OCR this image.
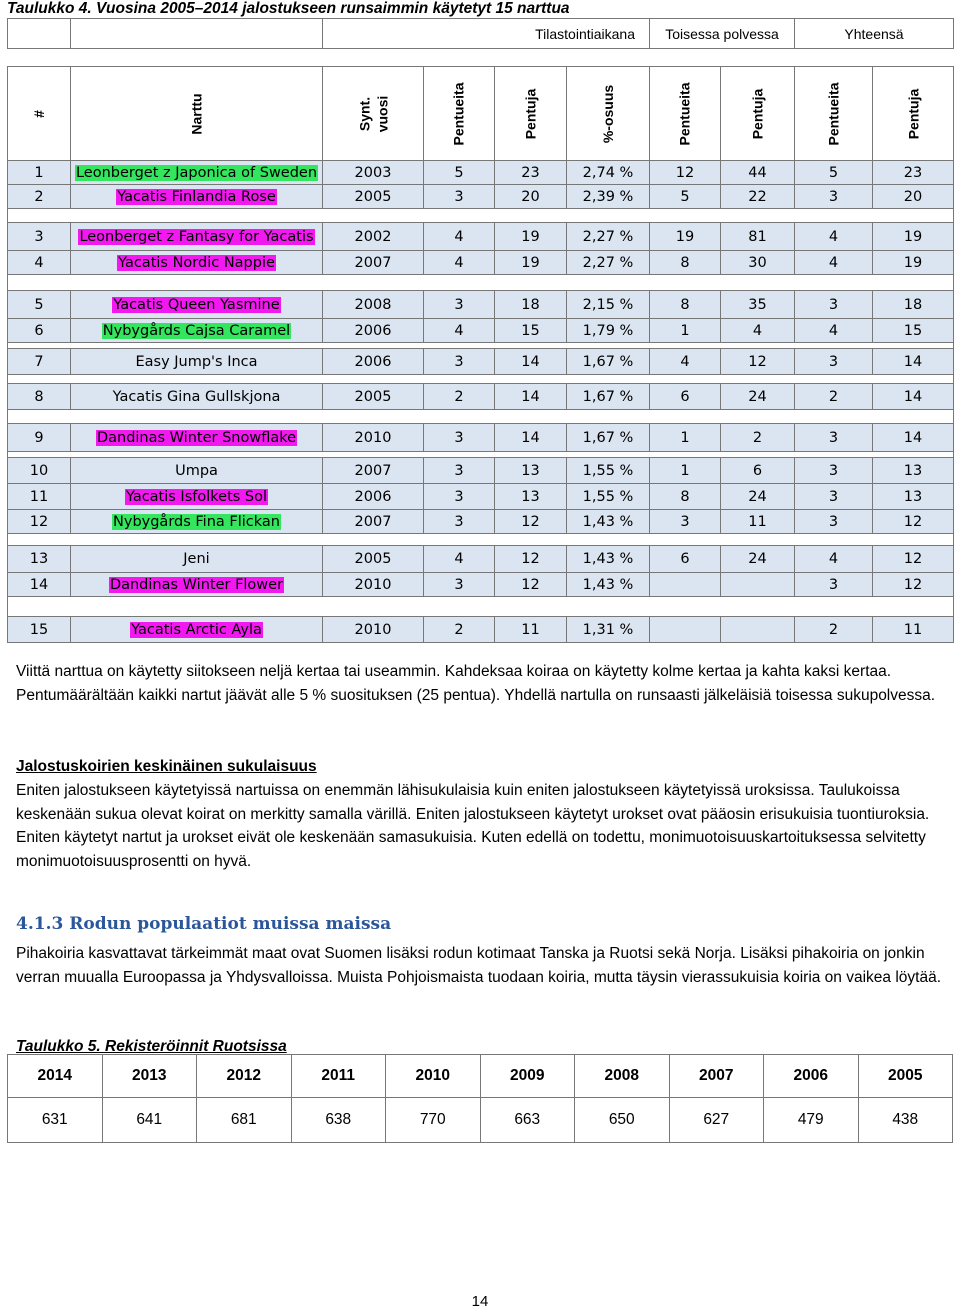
Taulukko 4. Vuosina 2005–2014 jalostukseen runsaimmin käytetyt 15 narttua
		Tilastointiaikana				Toisessa polvessa		Yhteensä	

#	Narttu	Synt. vuosi	Pentueita	Pentuja	%-osuus	Pentueita	Pentuja	Pentueita	Pentuja
1	Leonberget z Japonica of Sweden	2003	5	23	2,74 %	12	44	5	23
2	Yacatis Finlandia Rose	2005	3	20	2,39 %	5	22	3	20

3	Leonberget z Fantasy for Yacatis	2002	4	19	2,27 %	19	81	4	19
4	Yacatis Nordic Nappie	2007	4	19	2,27 %	8	30	4	19

5	Yacatis Queen Yasmine	2008	3	18	2,15 %	8	35	3	18
6	Nybygårds Cajsa Caramel	2006	4	15	1,79 %	1	4	4	15

7	Easy Jump's Inca	2006	3	14	1,67 %	4	12	3	14

8	Yacatis Gina Gullskjona	2005	2	14	1,67 %	6	24	2	14

9	Dandinas Winter Snowflake	2010	3	14	1,67 %	1	2	3	14

10	Umpa	2007	3	13	1,55 %	1	6	3	13
11	Yacatis Isfolkets Sol	2006	3	13	1,55 %	8	24	3	13
12	Nybygårds Fina Flickan	2007	3	12	1,43 %	3	11	3	12

13	Jeni	2005	4	12	1,43 %	6	24	4	12
14	Dandinas Winter Flower	2010	3	12	1,43 %			3	12

15	Yacatis Arctic Ayla	2010	2	11	1,31 %			2	11

Viittä narttua on käytetty siitokseen neljä kertaa tai useammin. Kahdeksaa koiraa on käytetty kolme kertaa ja kahta kaksi kertaa. Pentumäärältään kaikki nartut jäävät alle 5 % suosituksen (25 pentua). Yhdellä nartulla on runsaasti jälkeläisiä toisessa sukupolvessa.

Jalostuskoirien keskinäinen sukulaisuus

Eniten jalostukseen käytetyissä nartuissa on enemmän lähisukulaisia kuin eniten jalostukseen käytetyissä uroksissa. Taulukoissa keskenään sukua olevat koirat on merkitty samalla värillä. Eniten jalostukseen käytetyt urokset ovat pääosin erisukuisia tuontiuroksia. Eniten käytetyt nartut ja urokset eivät ole keskenään samasukuisia. Kuten edellä on todettu, monimuotoisuuskartoituksessa selvitetty monimuotoisuusprosentti on hyvä.

4.1.3 Rodun populaatiot muissa maissa

Pihakoiria kasvattavat tärkeimmät maat ovat Suomen lisäksi rodun kotimaat Tanska ja Ruotsi sekä Norja. Lisäksi pihakoiria on jonkin verran muualla Euroopassa ja Yhdysvalloissa. Muista Pohjoismaista tuodaan koiria, mutta täysin vierassukuisia koiria on vaikea löytää.

Taulukko 5. Rekisteröinnit Ruotsissa
2014	2013	2012	2011	2010	2009	2008	2007	2006	2005
631	641	681	638	770	663	650	627	479	438
14
